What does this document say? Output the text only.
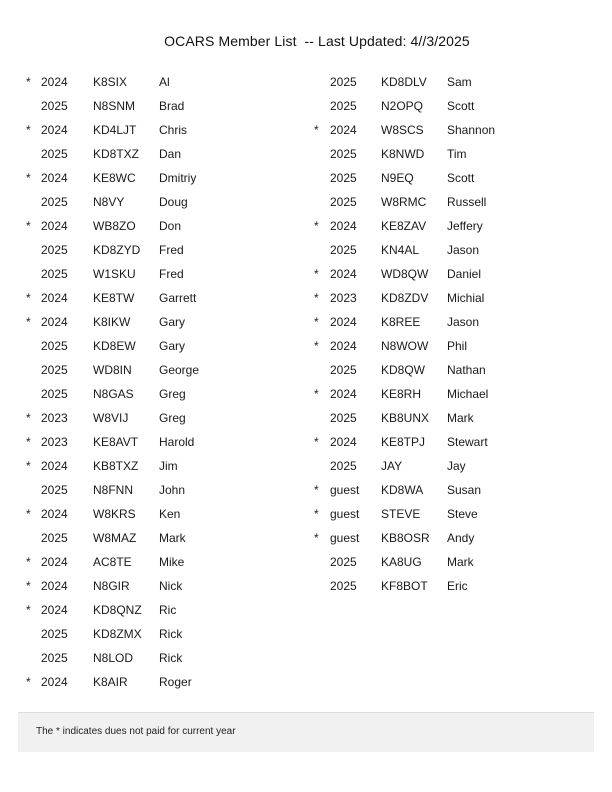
OCARS Member List  -- Last Updated: 4//3/2025
* 2024 K8SIX	Al
2025 N8SNM Brad
* 2024 KD4LJT Chris
2025 KD8TXZ Dan
* 2024 KE8WC Dmitriy
2025 N8VY	Doug
* 2024 WB8ZO Don
2025 KD8ZYD Fred
2025 W1SKU Fred
* 2024 KE8TW Garrett
* 2024 K8IKW Gary
2025 KD8EW Gary
2025 WD8IN George
2025 N8GAS Greg
* 2023 W8VIJ	Greg
* 2023 KE8AVT Harold
* 2024 KB8TXZ Jim
2025 N8FNN John
* 2024 W8KRS Ken
2025 W8MAZ Mark
* 2024 AC8TE Mike
* 2024 N8GIR Nick
* 2024 KD8QNZ Ric
2025 KD8ZMX Rick
2025 N8LOD Rick
* 2024 K8AIR	Roger
2025 KD8DLV Sam
2025 N2OPQ Scott
* 2024 W8SCS Shannon
2025 K8NWD Tim
2025 N9EQ	Scott
2025 W8RMC Russell
* 2024 KE8ZAV Jeffery
2025 KN4AL Jason
* 2024 WD8QW Daniel
* 2023 KD8ZDV Michial
* 2024 K8REE Jason
* 2024 N8WOW Phil
2025 KD8QW Nathan
* 2024 KE8RH Michael
2025 KB8UNX Mark
* 2024 KE8TPJ Stewart
2025 JAY	Jay
* guest KD8WA Susan
* guest STEVE Steve
* guest KB8OSR Andy
2025 KA8UG Mark
2025 KF8BOT Eric
The * indicates dues not paid for current year
